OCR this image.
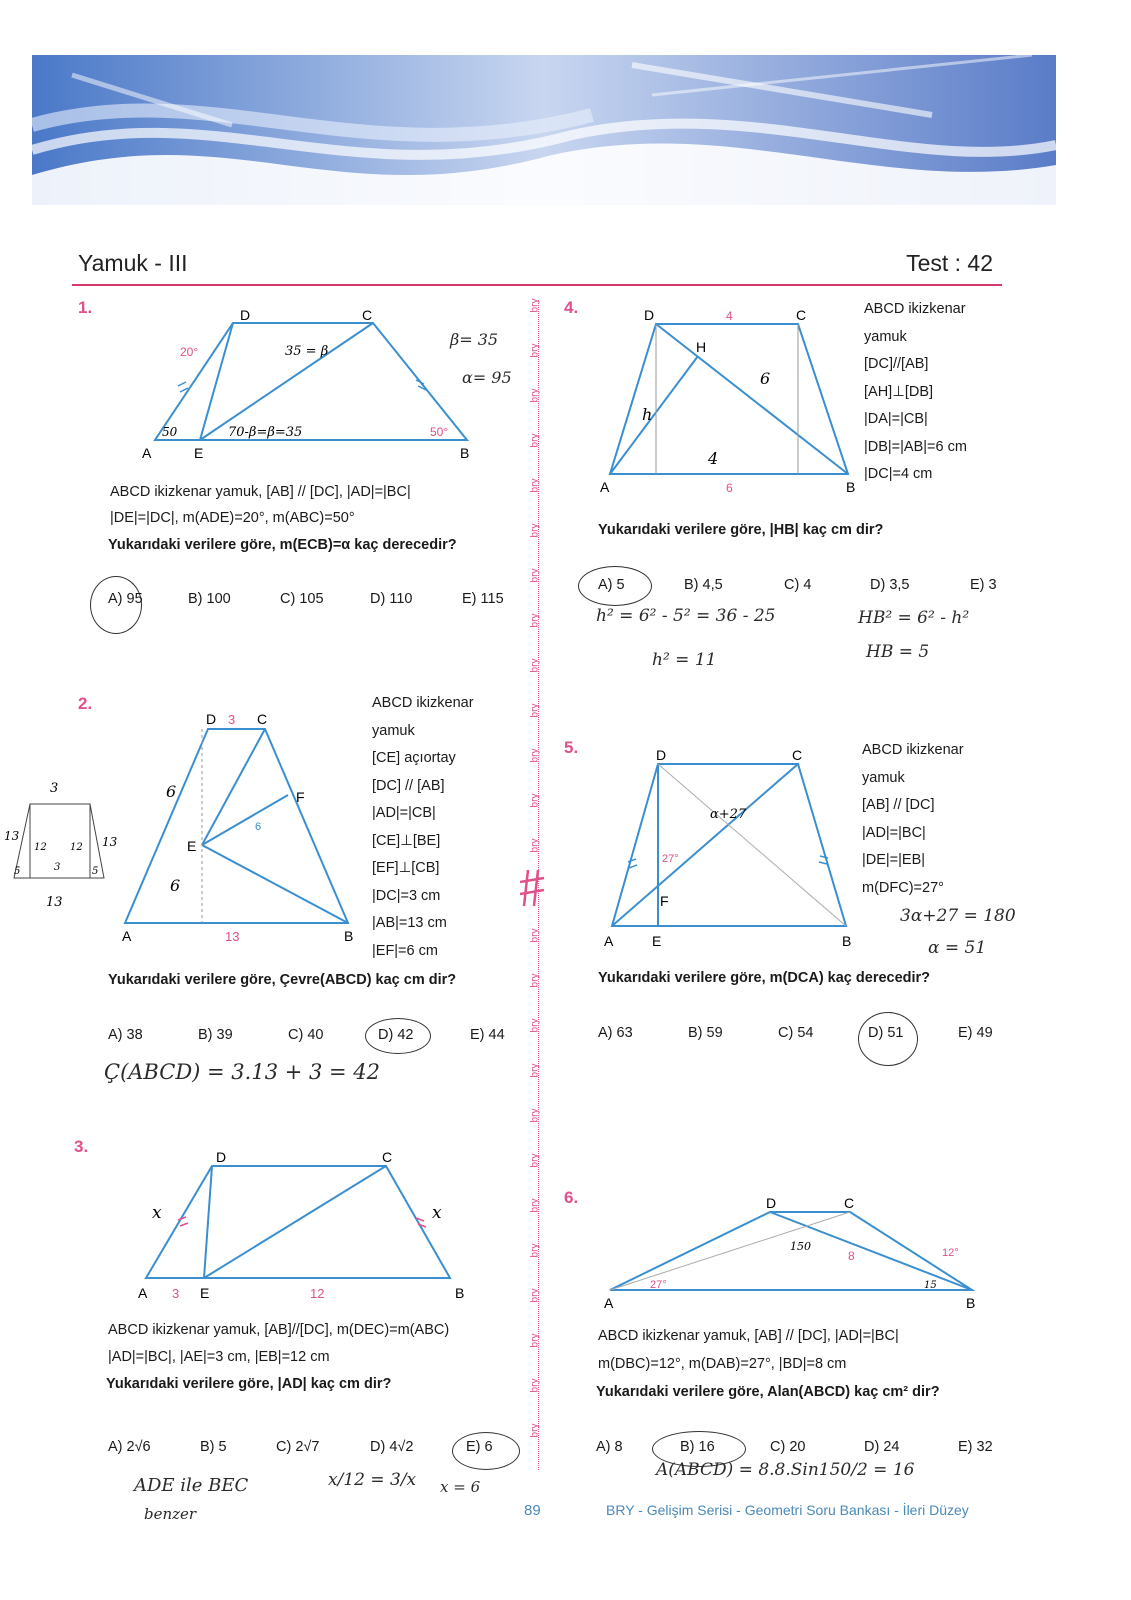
Yamuk - III	Test : 42
bry
bry
bry
bry
bry
bry
bry
bry
bry
bry
bry
bry
bry
bry
bry
bry
bry
bry
bry
bry
bry
bry
bry
bry
bry
1.
A	E	B
D	C
20°
50°
35 = β
70-β=β=35
50
β= 35
α= 95
ABCD ikizkenar yamuk, [AB] // [DC], |AD|=|BC|
|DE|=|DC|, m(ADE)=20°, m(ABC)=50°
Yukarıdaki verilere göre, m(ECB)=α kaç derecedir?
A) 95	B) 100	C) 105	D) 110	E) 115
2.
A	B
D	C
E
F
3
13
6
6
6
3
13
13	13
12 12
5	3	5
ABCD ikizkenar
yamuk
[CE] açıortay
[DC] // [AB]
|AD|=|CB|
[CE]⊥[BE]
[EF]⊥[CB]
|DC|=3 cm
|AB|=13 cm
|EF|=6 cm
Yukarıdaki verilere göre, Çevre(ABCD) kaç cm dir?
A) 38	B) 39	C) 40	D) 42	E) 44
Ç(ABCD) = 3.13 + 3 = 42
3.
A	E	B
D	C
3	12
x	x
ABCD ikizkenar yamuk, [AB]//[DC], m(DEC)=m(ABC)
|AD|=|BC|, |AE|=3 cm, |EB|=12 cm
Yukarıdaki verilere göre, |AD| kaç cm dir?
A) 2√6	B) 5	C) 2√7	D) 4√2	E) 6
ADE ile BEC
benzer
x/12 = 3/x x = 6
4.
A	B
D	C
H
4
6
6
h
4
ABCD ikizkenar
yamuk
[DC]//[AB]
[AH]⊥[DB]
|DA|=|CB|
|DB|=|AB|=6 cm
|DC|=4 cm
Yukarıdaki verilere göre, |HB| kaç cm dir?
A) 5	B) 4,5	C) 4	D) 3,5	E) 3
h² = 6² - 5² = 36 - 25
h² = 11
HB² = 6² - h²
HB = 5
5.
A	E	B
D	C
F
27°
α+27
ABCD ikizkenar
yamuk
[AB] // [DC]
|AD|=|BC|
|DE|=|EB|
m(DFC)=27°
3α+27 = 180
α = 51
Yukarıdaki verilere göre, m(DCA) kaç derecedir?
A) 63	B) 59	C) 54	D) 51	E) 49
6.
A	B
D	C
8	12°
27°
150
15
ABCD ikizkenar yamuk, [AB] // [DC], |AD|=|BC|
m(DBC)=12°, m(DAB)=27°, |BD|=8 cm
Yukarıdaki verilere göre, Alan(ABCD) kaç cm² dir?
A) 8	B) 16	C) 20	D) 24	E) 32
A(ABCD) = 8.8.Sin150/2 = 16
89	BRY - Gelişim Serisi - Geometri Soru Bankası - İleri Düzey
